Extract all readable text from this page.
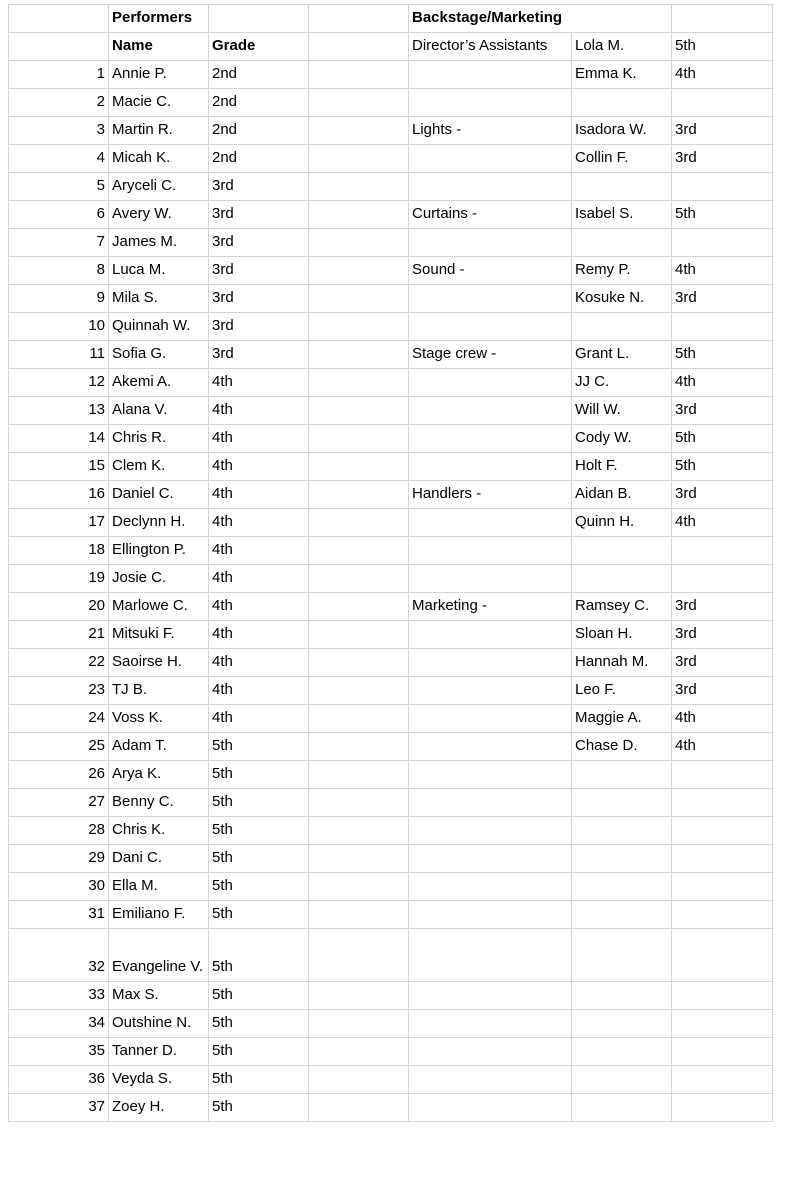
	Performers			Backstage/Marketing		
	Name	Grade		Director’s Assistants	Lola M.	5th
1	Annie P.	2nd			Emma K.	4th
2	Macie C.	2nd				
3	Martin R.	2nd		Lights -	Isadora W.	3rd
4	Micah K.	2nd			Collin F.	3rd
5	Aryceli C.	3rd				
6	Avery W.	3rd		Curtains -	Isabel S.	5th
7	James M.	3rd				
8	Luca M.	3rd		Sound -	Remy P.	4th
9	Mila S.	3rd			Kosuke N.	3rd
10	Quinnah W.	3rd				
11	Sofia G.	3rd		Stage crew -	Grant L.	5th
12	Akemi A.	4th			JJ C.	4th
13	Alana V.	4th			Will W.	3rd
14	Chris R.	4th			Cody W.	5th
15	Clem K.	4th			Holt F.	5th
16	Daniel C.	4th		Handlers -	Aidan B.	3rd
17	Declynn H.	4th			Quinn H.	4th
18	Ellington P.	4th				
19	Josie C.	4th				
20	Marlowe C.	4th		Marketing -	Ramsey C.	3rd
21	Mitsuki F.	4th			Sloan H.	3rd
22	Saoirse H.	4th			Hannah M.	3rd
23	TJ B.	4th			Leo F.	3rd
24	Voss K.	4th			Maggie A.	4th
25	Adam T.	5th			Chase D.	4th
26	Arya K.	5th				
27	Benny C.	5th				
28	Chris K.	5th				
29	Dani C.	5th				
30	Ella M.	5th				
31	Emiliano F.	5th				
32	Evangeline V.	5th				
33	Max S.	5th				
34	Outshine N.	5th				
35	Tanner D.	5th				
36	Veyda S.	5th				
37	Zoey H.	5th				
